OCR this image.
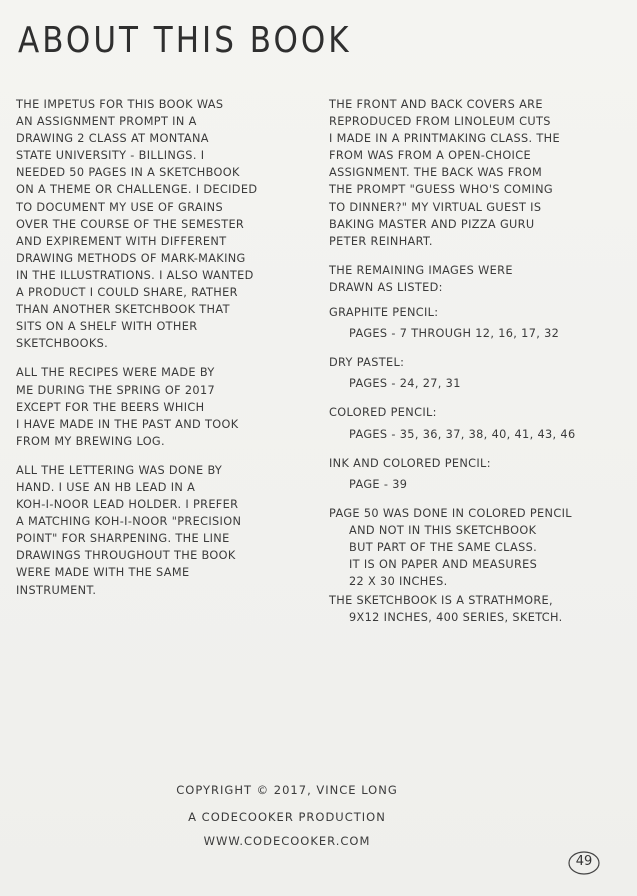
ABOUT THIS BOOK
THE IMPETUS FOR THIS BOOK WAS
AN ASSIGNMENT PROMPT IN A
DRAWING 2 CLASS AT MONTANA
STATE UNIVERSITY - BILLINGS. I
NEEDED 50 PAGES IN A SKETCHBOOK
ON A THEME OR CHALLENGE. I DECIDED
TO DOCUMENT MY USE OF GRAINS
OVER THE COURSE OF THE SEMESTER
AND EXPIREMENT WITH DIFFERENT
DRAWING METHODS OF MARK-MAKING
IN THE ILLUSTRATIONS. I ALSO WANTED
A PRODUCT I COULD SHARE, RATHER
THAN ANOTHER SKETCHBOOK THAT
SITS ON A SHELF WITH OTHER
SKETCHBOOKS.
ALL THE RECIPES WERE MADE BY
ME DURING THE SPRING OF 2017
EXCEPT FOR THE BEERS WHICH
I HAVE MADE IN THE PAST AND TOOK
FROM MY BREWING LOG.
ALL THE LETTERING WAS DONE BY
HAND. I USE AN HB LEAD IN A
KOH-I-NOOR LEAD HOLDER. I PREFER
A MATCHING KOH-I-NOOR "PRECISION
POINT" FOR SHARPENING. THE LINE
DRAWINGS THROUGHOUT THE BOOK
WERE MADE WITH THE SAME
INSTRUMENT.
THE FRONT AND BACK COVERS ARE
REPRODUCED FROM LINOLEUM CUTS
I MADE IN A PRINTMAKING CLASS. THE
FROM WAS FROM A OPEN-CHOICE
ASSIGNMENT. THE BACK WAS FROM
THE PROMPT "GUESS WHO'S COMING
TO DINNER?" MY VIRTUAL GUEST IS
BAKING MASTER AND PIZZA GURU
PETER REINHART.
THE REMAINING IMAGES WERE
DRAWN AS LISTED:
GRAPHITE PENCIL:
PAGES - 7 THROUGH 12, 16, 17, 32
DRY PASTEL:
PAGES - 24, 27, 31
COLORED PENCIL:
PAGES - 35, 36, 37, 38, 40, 41, 43, 46
INK AND COLORED PENCIL:
PAGE - 39
PAGE 50 WAS DONE IN COLORED PENCIL
AND NOT IN THIS SKETCHBOOK
BUT PART OF THE SAME CLASS.
IT IS ON PAPER AND MEASURES
22 X 30 INCHES.
THE SKETCHBOOK IS A STRATHMORE,
9X12 INCHES, 400 SERIES, SKETCH.
COPYRIGHT © 2017, VINCE LONG
A CODECOOKER PRODUCTION
WWW.CODECOOKER.COM
49
